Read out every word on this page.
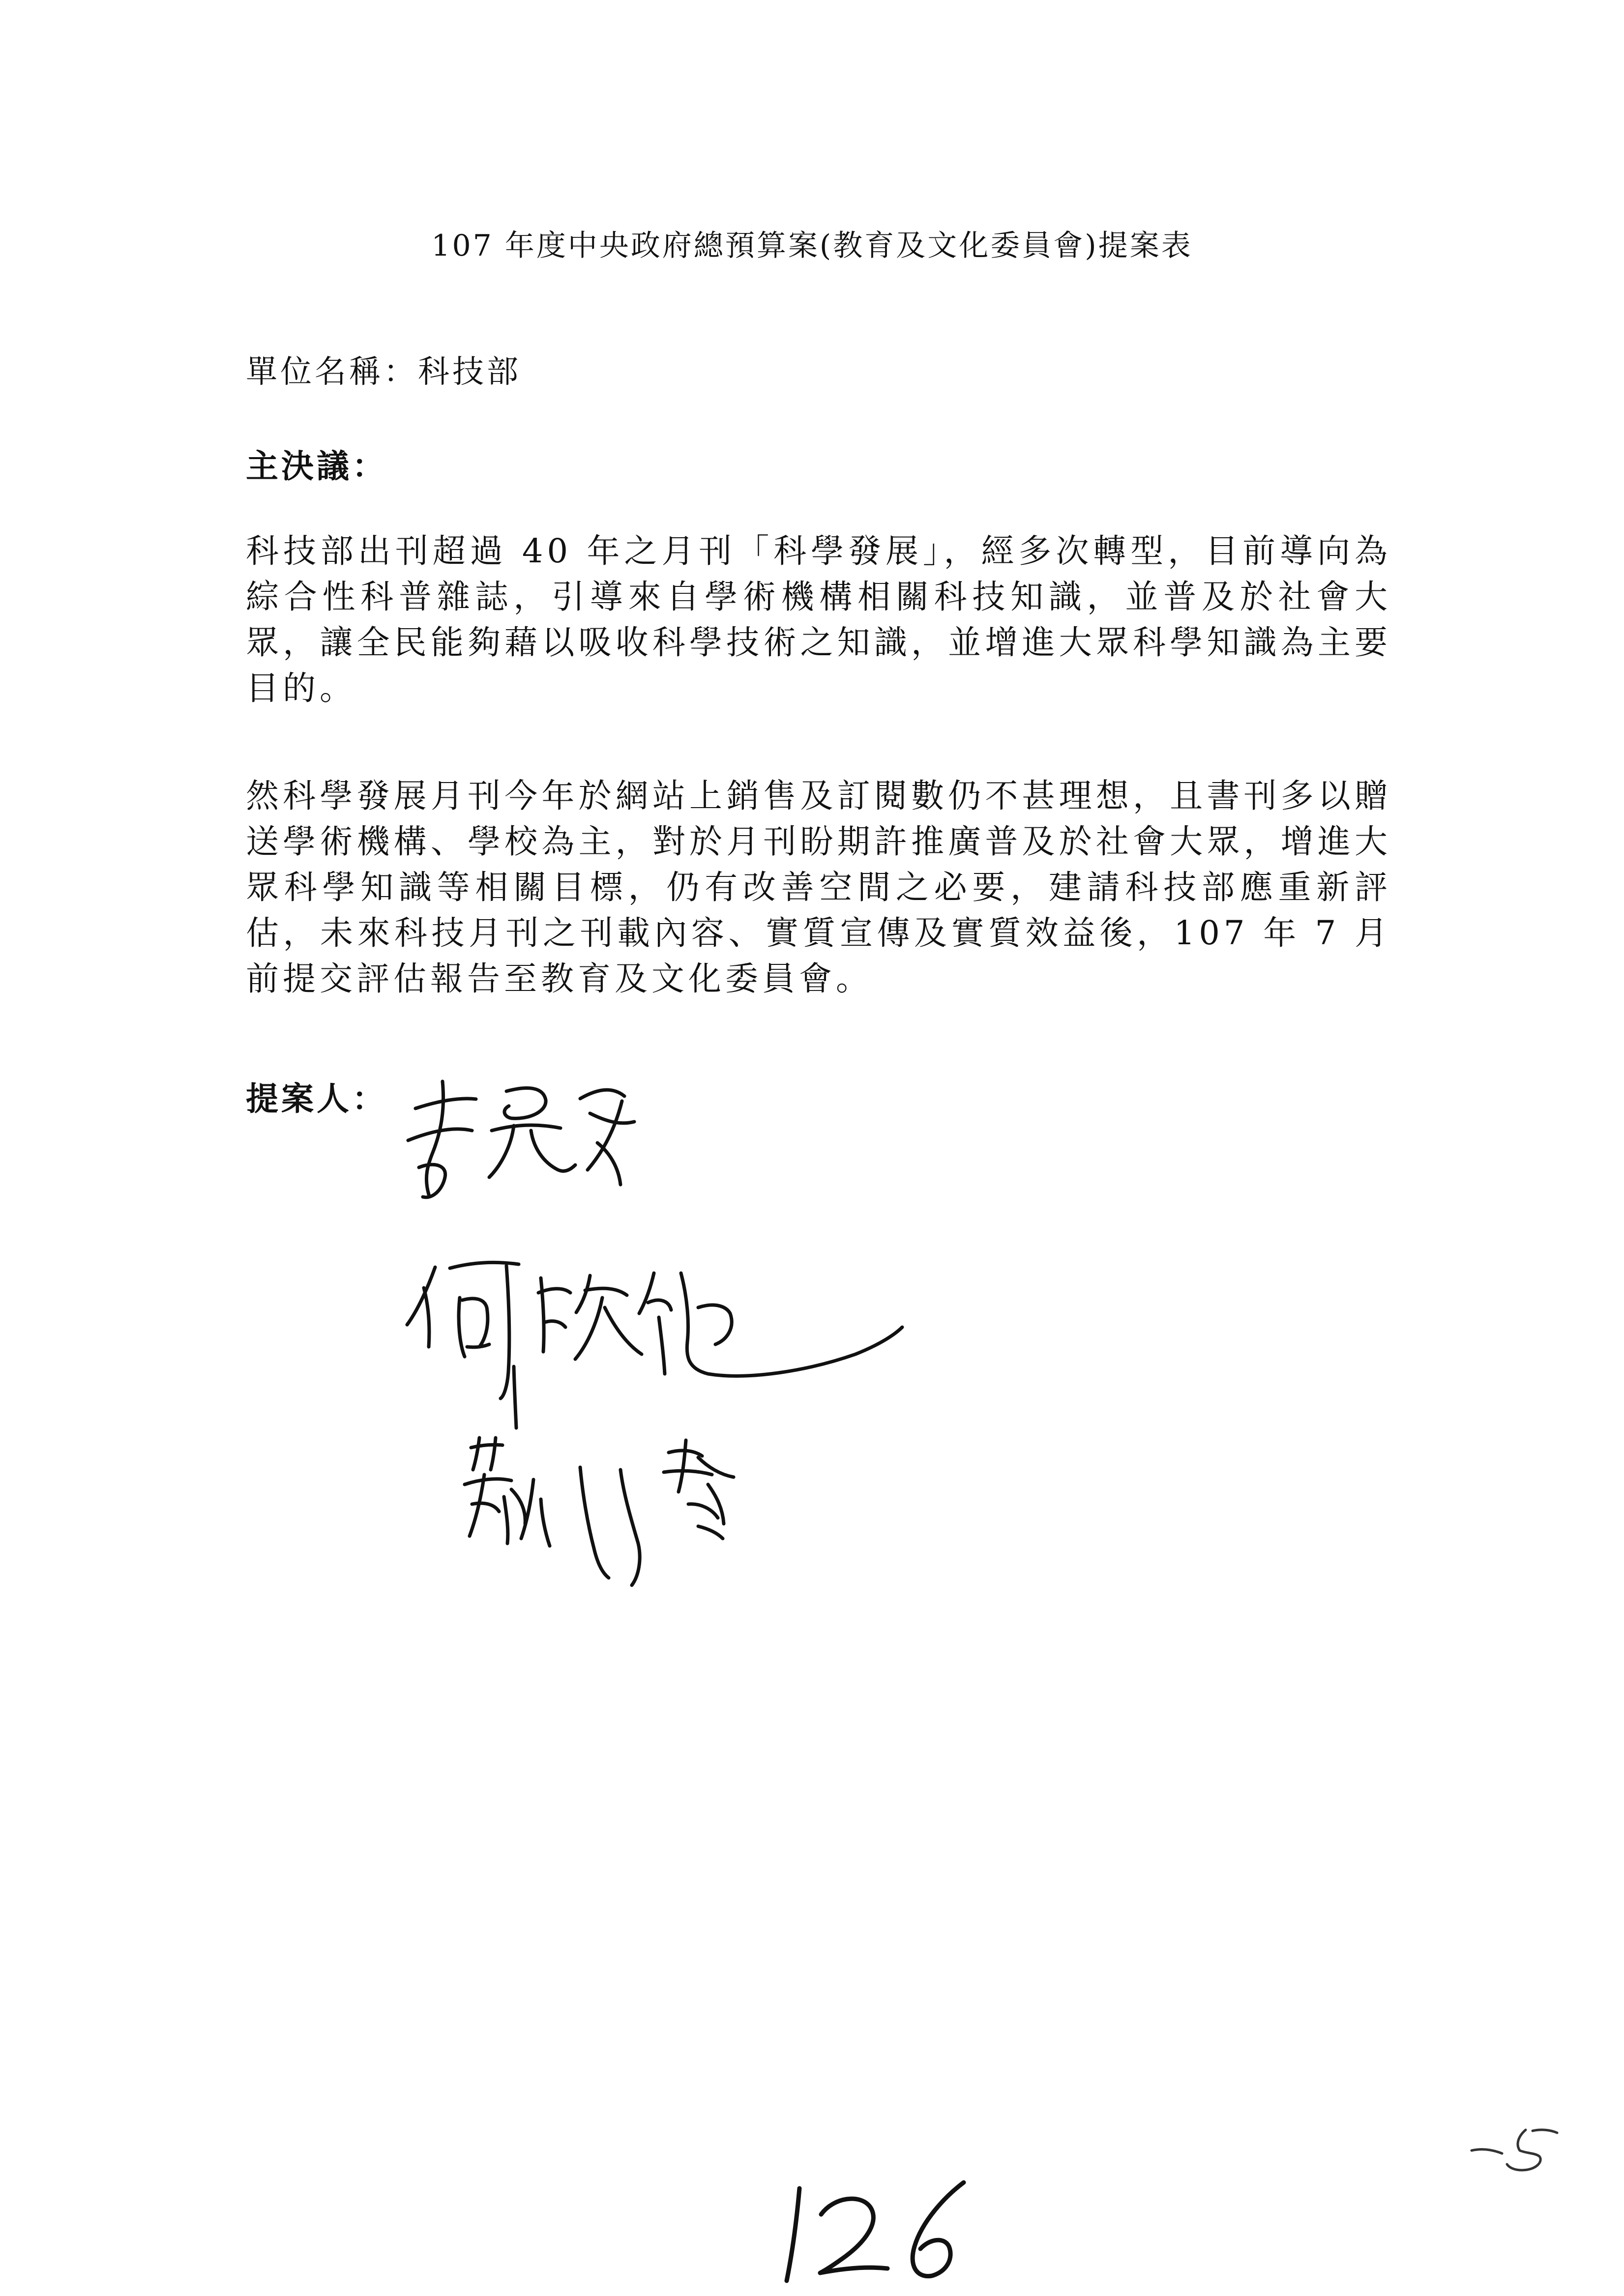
107 年度中央政府總預算案(教育及文化委員會)提案表
單位名稱：科技部
主決議：

科技部出刊超過 40 年之月刊「科學發展」，經多次轉型，目前導向為綜合性科普雜誌，引導來自學術機構相關科技知識，並普及於社會大眾，讓全民能夠藉以吸收科學技術之知識，並增進大眾科學知識為主要目的。

然科學發展月刊今年於網站上銷售及訂閱數仍不甚理想，且書刊多以贈送學術機構、學校為主，對於月刊盼期許推廣普及於社會大眾，增進大眾科學知識等相關目標，仍有改善空間之必要，建請科技部應重新評估，未來科技月刊之刊載內容、實質宣傳及實質效益後，107 年 7 月前提交評估報告至教育及文化委員會。

提案人：
